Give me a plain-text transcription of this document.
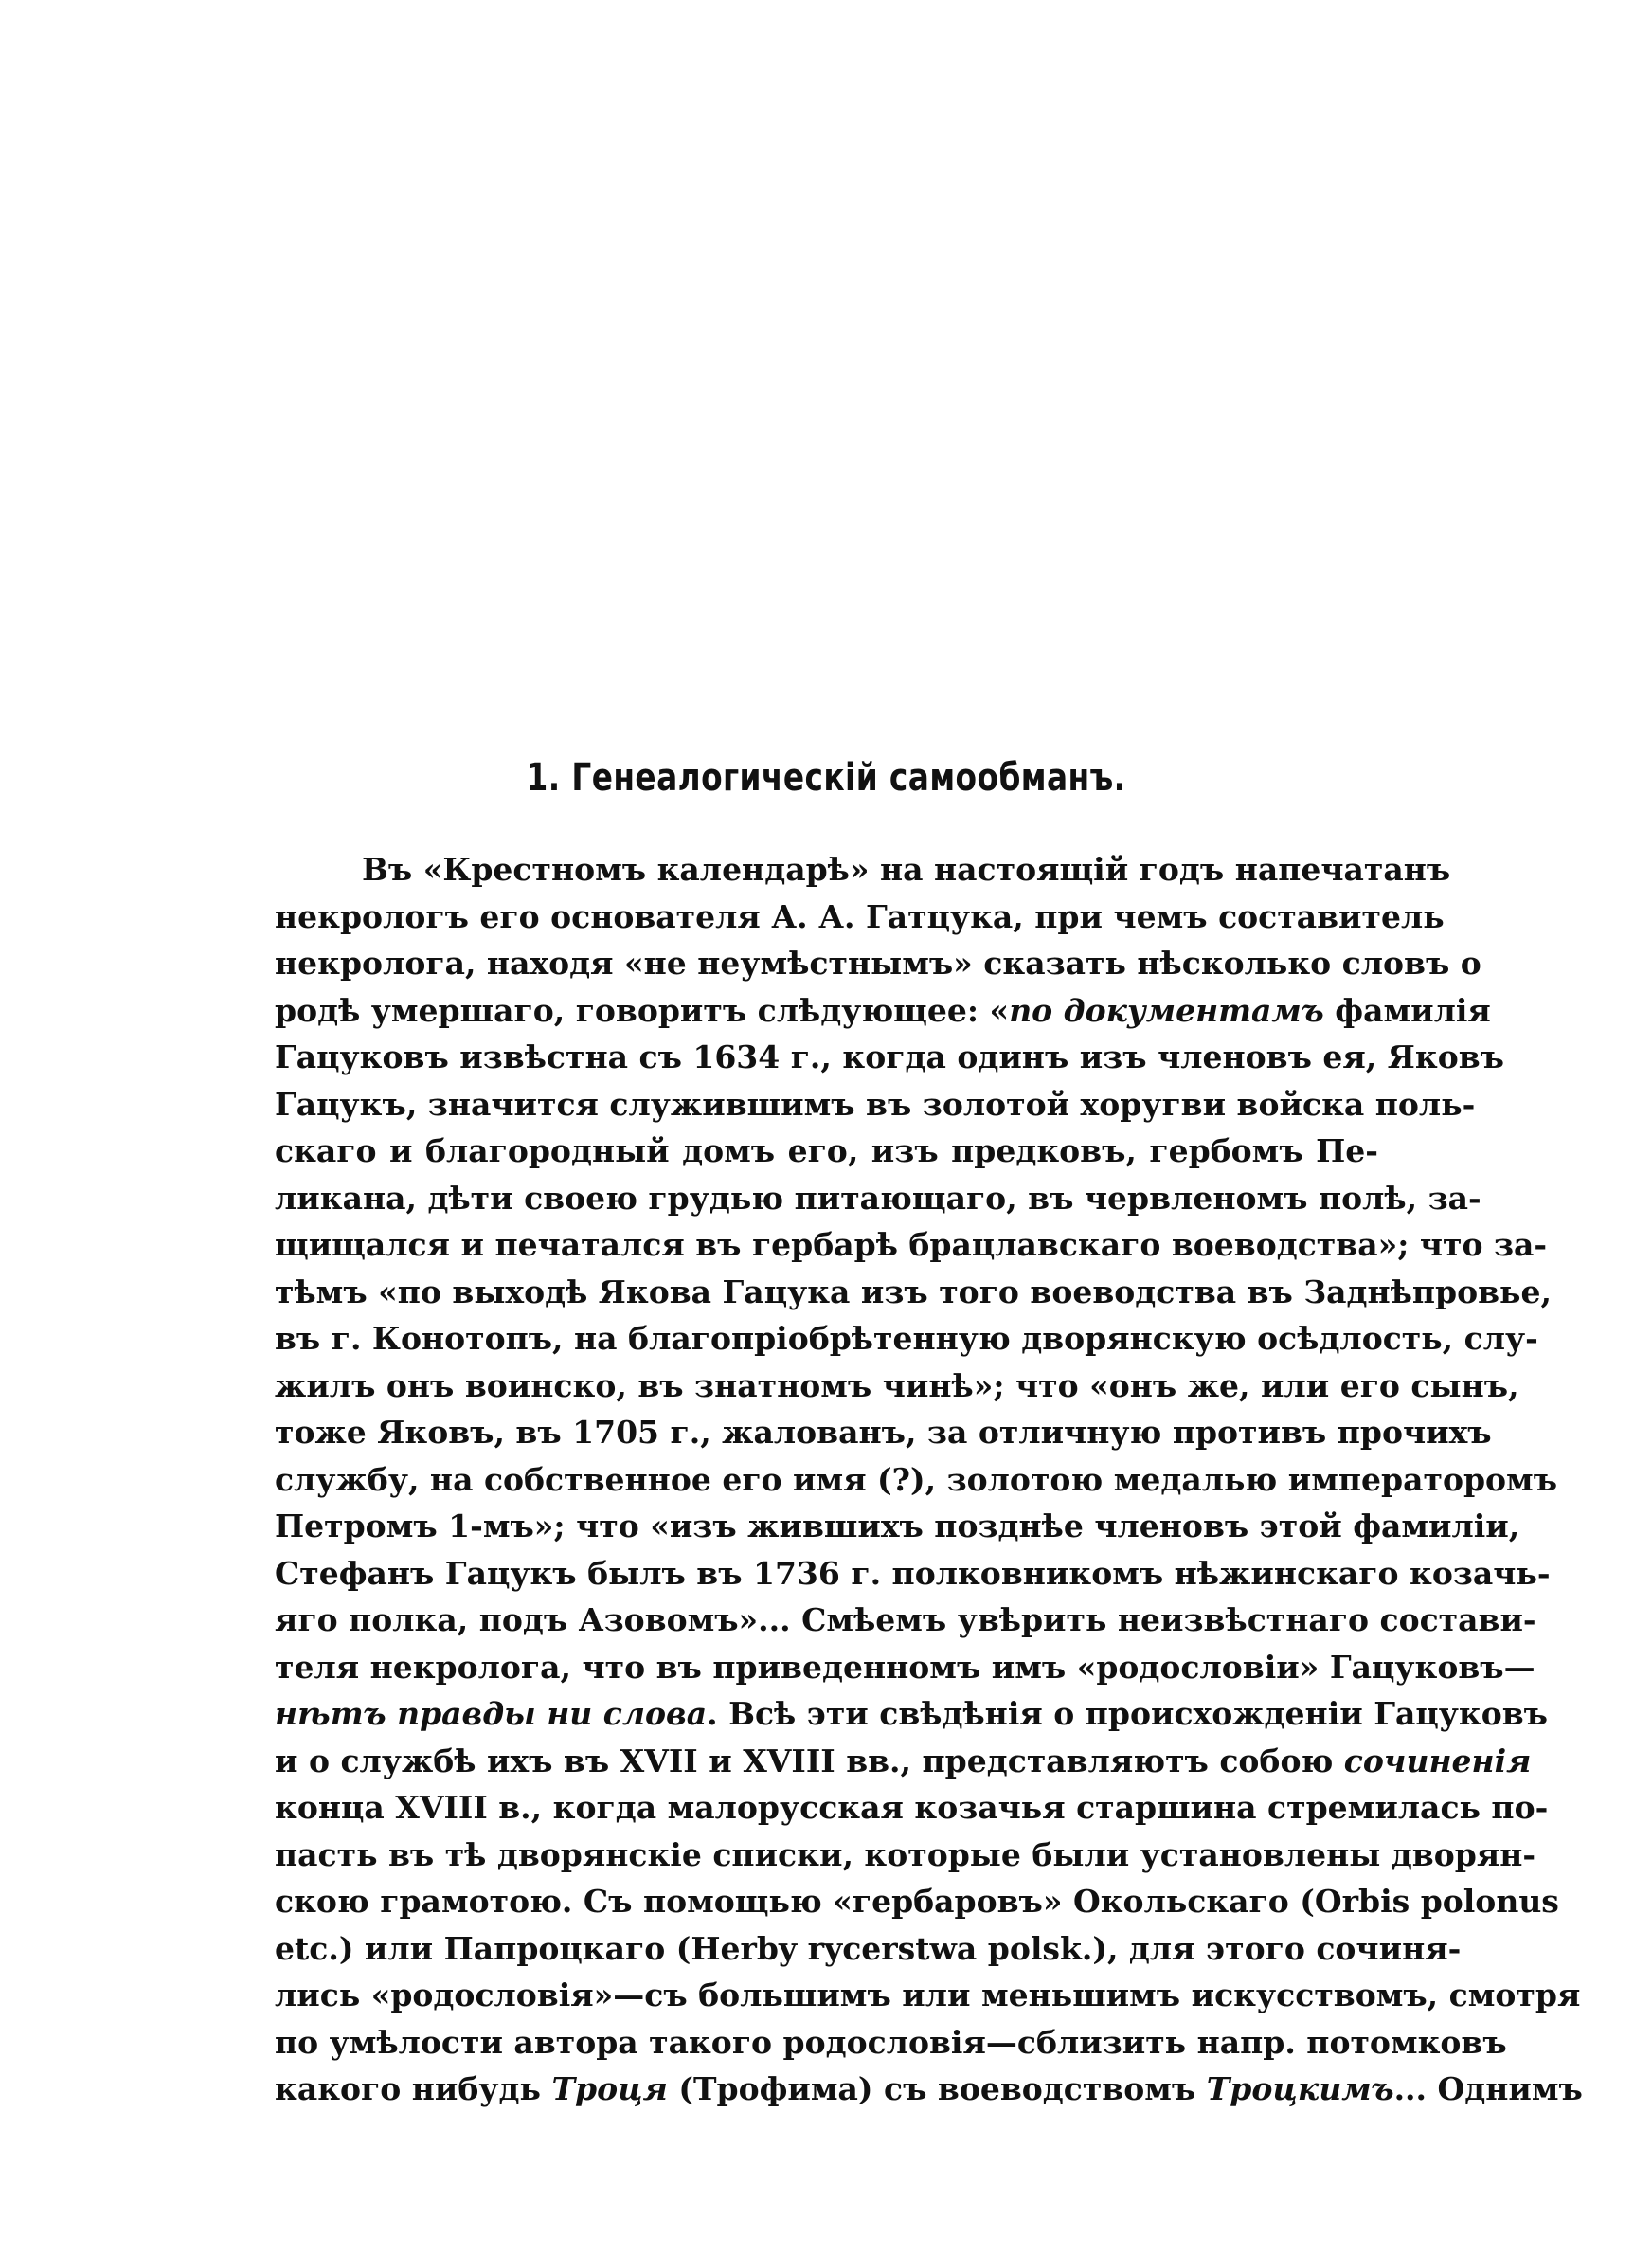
1. Генеалогическій самообманъ.
Въ «Крестномъ календарѣ» на настоящій годъ напечатанъ
некрологъ его основателя А. А. Гатцука, при чемъ составитель
некролога, находя «не неумѣстнымъ» сказать нѣсколько словъ о
родѣ умершаго, говоритъ слѣдующее: «по документамъ фамилія
Гацуковъ извѣстна съ 1634 г., когда одинъ изъ членовъ ея, Яковъ
Гацукъ, значится служившимъ въ золотой хоругви войска поль-
скаго и благородный домъ его, изъ предковъ, гербомъ Пе-
ликана, дѣти своею грудью питающаго, въ червленомъ полѣ, за-
щищался и печатался въ гербарѣ брацлавскаго воеводства»; что за-
тѣмъ «по выходѣ Якова Гацука изъ того воеводства въ Заднѣпровье,
въ г. Конотопъ, на благопріобрѣтенную дворянскую осѣдлость, слу-
жилъ онъ воинско, въ знатномъ чинѣ»; что «онъ же, или его сынъ,
тоже Яковъ, въ 1705 г., жалованъ, за отличную противъ прочихъ
службу, на собственное его имя (?), золотою медалью императоромъ
Петромъ 1-мъ»; что «изъ жившихъ позднѣе членовъ этой фамиліи,
Стефанъ Гацукъ былъ въ 1736 г. полковникомъ нѣжинскаго козачь-
яго полка, подъ Азовомъ»... Смѣемъ увѣрить неизвѣстнаго состави-
теля некролога, что въ приведенномъ имъ «родословіи» Гацуковъ—
нѣтъ правды ни слова. Всѣ эти свѣдѣнія о происхожденіи Гацуковъ
и о службѣ ихъ въ XVII и XVIII вв., представляютъ собою сочиненія
конца XVIII в., когда малорусская козачья старшина стремилась по-
пасть въ тѣ дворянскіе списки, которые были установлены дворян-
скою грамотою. Съ помощью «гербаровъ» Окольскаго (Orbis polonus
etc.) или Папроцкаго (Herby rycerstwa polsk.), для этого сочиня-
лись «родословія»—съ большимъ или меньшимъ искусствомъ, смотря
по умѣлости автора такого родословія—сблизить напр. потомковъ
какого нибудь Троця (Трофима) съ воеводствомъ Троцкимъ... Однимъ
